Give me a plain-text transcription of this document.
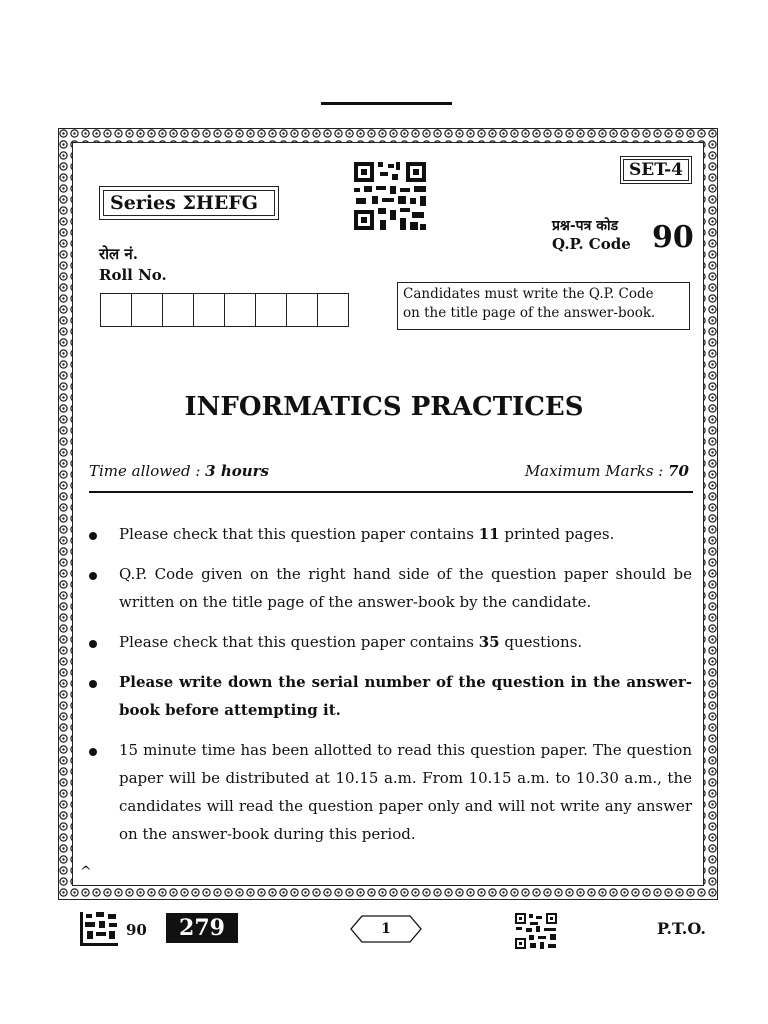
Series ΣHEFG
SET-4
रोल नं.
Roll No.
प्रश्न-पत्र कोड
Q.P. Code 90
Candidates must write the Q.P. Code
on the title page of the answer-book.
INFORMATICS PRACTICES
Time allowed : 3 hours	Maximum Marks : 70
Please check that this question paper contains 11 printed pages.
Q.P. Code given on the right hand side of the question paper should be written on the title page of the answer-book by the candidate.
Please check that this question paper contains 35 questions.
Please write down the serial number of the question in the answer-book before attempting it.
15 minute time has been allotted to read this question paper. The question paper will be distributed at 10.15 a.m. From 10.15 a.m. to 10.30 a.m., the candidates will read the question paper only and will not write any answer on the answer-book during this period.
^
90	279	1	P.T.O.
